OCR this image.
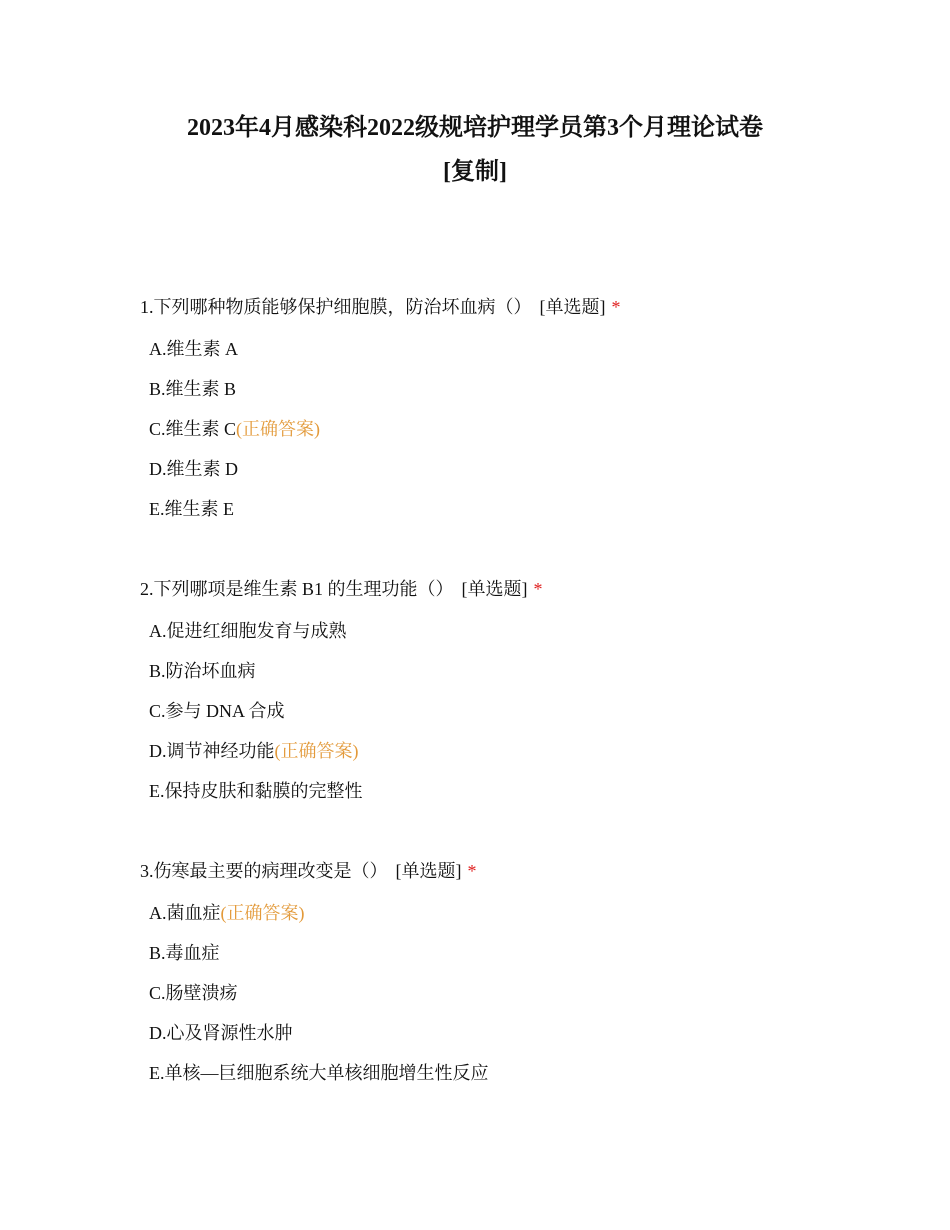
2023年4月感染科2022级规培护理学员第3个月理论试卷
[复制]

1.下列哪种物质能够保护细胞膜，防治坏血病（） [单选题] *

A.维生素 A
B.维生素 B
C.维生素 C(正确答案)
D.维生素 D
E.维生素 E

2.下列哪项是维生素 B1 的生理功能（） [单选题] *

A.促进红细胞发育与成熟
B.防治坏血病
C.参与 DNA 合成
D.调节神经功能(正确答案)
E.保持皮肤和黏膜的完整性

3.伤寒最主要的病理改变是（） [单选题] *

A.菌血症(正确答案)
B.毒血症
C.肠壁溃疡
D.心及肾源性水肿
E.单核—巨细胞系统大单核细胞增生性反应
